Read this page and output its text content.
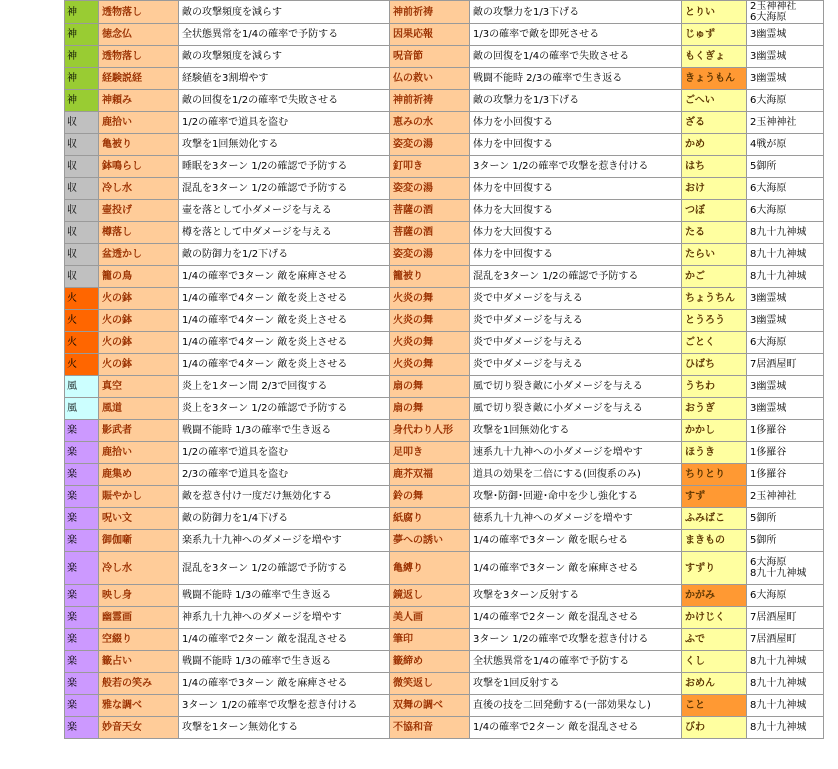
神	透物落し	敵の攻撃頻度を減らす	神前祈祷	敵の攻撃力を1/3下げる	とりい	2玉神神社
6大海原
神	徳念仏	全状態異常を1/4の確率で予防する	因果応報	1/3の確率で敵を即死させる	じゅず	3幽霊城
神	透物落し	敵の攻撃頻度を減らす	呪音節	敵の回復を1/4の確率で失敗させる	もくぎょ	3幽霊城
神	経験説経	経験値を3割増やす	仏の救い	戦闘不能時 2/3の確率で生き返る	きょうもん	3幽霊城
神	神頼み	敵の回復を1/2の確率で失敗させる	神前祈祷	敵の攻撃力を1/3下げる	ごへい	6大海原
収	鹿拾い	1/2の確率で道具を盗む	恵みの水	体力を小回復する	ざる	2玉神神社
収	亀被り	攻撃を1回無効化する	姿変の湯	体力を中回復する	かめ	4戦が原
収	鉢鳴らし	睡眠を3ターン 1/2の確認で予防する	釘叩き	3ターン 1/2の確率で攻撃を惹き付ける	はち	5御所
収	冷し水	混乱を3ターン 1/2の確認で予防する	姿変の湯	体力を中回復する	おけ	6大海原
収	壷投げ	壷を落として小ダメージを与える	菩薩の酒	体力を大回復する	つぼ	6大海原
収	樽落し	樽を落として中ダメージを与える	菩薩の酒	体力を大回復する	たる	8九十九神城
収	盆透かし	敵の防御力を1/2下げる	姿変の湯	体力を中回復する	たらい	8九十九神城
収	籠の鳥	1/4の確率で3ターン 敵を麻痺させる	籠被り	混乱を3ターン 1/2の確認で予防する	かご	8九十九神城
火	火の鉢	1/4の確率で4ターン 敵を炎上させる	火炎の舞	炎で中ダメージを与える	ちょうちん	3幽霊城
火	火の鉢	1/4の確率で4ターン 敵を炎上させる	火炎の舞	炎で中ダメージを与える	とうろう	3幽霊城
火	火の鉢	1/4の確率で4ターン 敵を炎上させる	火炎の舞	炎で中ダメージを与える	ごとく	6大海原
火	火の鉢	1/4の確率で4ターン 敵を炎上させる	火炎の舞	炎で中ダメージを与える	ひばち	7居酒屋町
風	真空	炎上を1ターン間 2/3で回復する	扇の舞	風で切り裂き敵に小ダメージを与える	うちわ	3幽霊城
風	風道	炎上を3ターン 1/2の確認で予防する	扇の舞	風で切り裂き敵に小ダメージを与える	おうぎ	3幽霊城
楽	影武者	戦闘不能時 1/3の確率で生き返る	身代わり人形	攻撃を1回無効化する	かかし	1侈羅谷
楽	鹿拾い	1/2の確率で道具を盗む	足叩き	速系九十九神への小ダメージを増やす	ほうき	1侈羅谷
楽	鹿集め	2/3の確率で道具を盗む	鹿芥双福	道具の効果を二倍にする(回復系のみ)	ちりとり	1侈羅谷
楽	賑やかし	敵を惹き付け一度だけ無効化する	鈴の舞	攻撃･防御･回避･命中を少し強化する	すず	2玉神神社
楽	呪い文	敵の防御力を1/4下げる	紙腐り	徳系九十九神へのダメージを増やす	ふみばこ	5御所
楽	御伽噺	楽系九十九神へのダメージを増やす	夢への誘い	1/4の確率で3ターン 敵を眠らせる	まきもの	5御所
楽	冷し水	混乱を3ターン 1/2の確認で予防する	亀縛り	1/4の確率で3ターン 敵を麻痺させる	すずり	6大海原
8九十九神城
楽	映し身	戦闘不能時 1/3の確率で生き返る	鏡返し	攻撃を3ターン反射する	かがみ	6大海原
楽	幽霊画	神系九十九神へのダメージを増やす	美人画	1/4の確率で2ターン 敵を混乱させる	かけじく	7居酒屋町
楽	空綴り	1/4の確率で2ターン 敵を混乱させる	筆印	3ターン 1/2の確率で攻撃を惹き付ける	ふで	7居酒屋町
楽	籤占い	戦闘不能時 1/3の確率で生き返る	籤締め	全状態異常を1/4の確率で予防する	くし	8九十九神城
楽	般若の笑み	1/4の確率で3ターン 敵を麻痺させる	微笑返し	攻撃を1回反射する	おめん	8九十九神城
楽	雅な調べ	3ターン 1/2の確率で攻撃を惹き付ける	双舞の調べ	直後の技を二回発動する(一部効果なし)	こと	8九十九神城
楽	妙音天女	攻撃を1ターン無効化する	不協和音	1/4の確率で2ターン 敵を混乱させる	びわ	8九十九神城
